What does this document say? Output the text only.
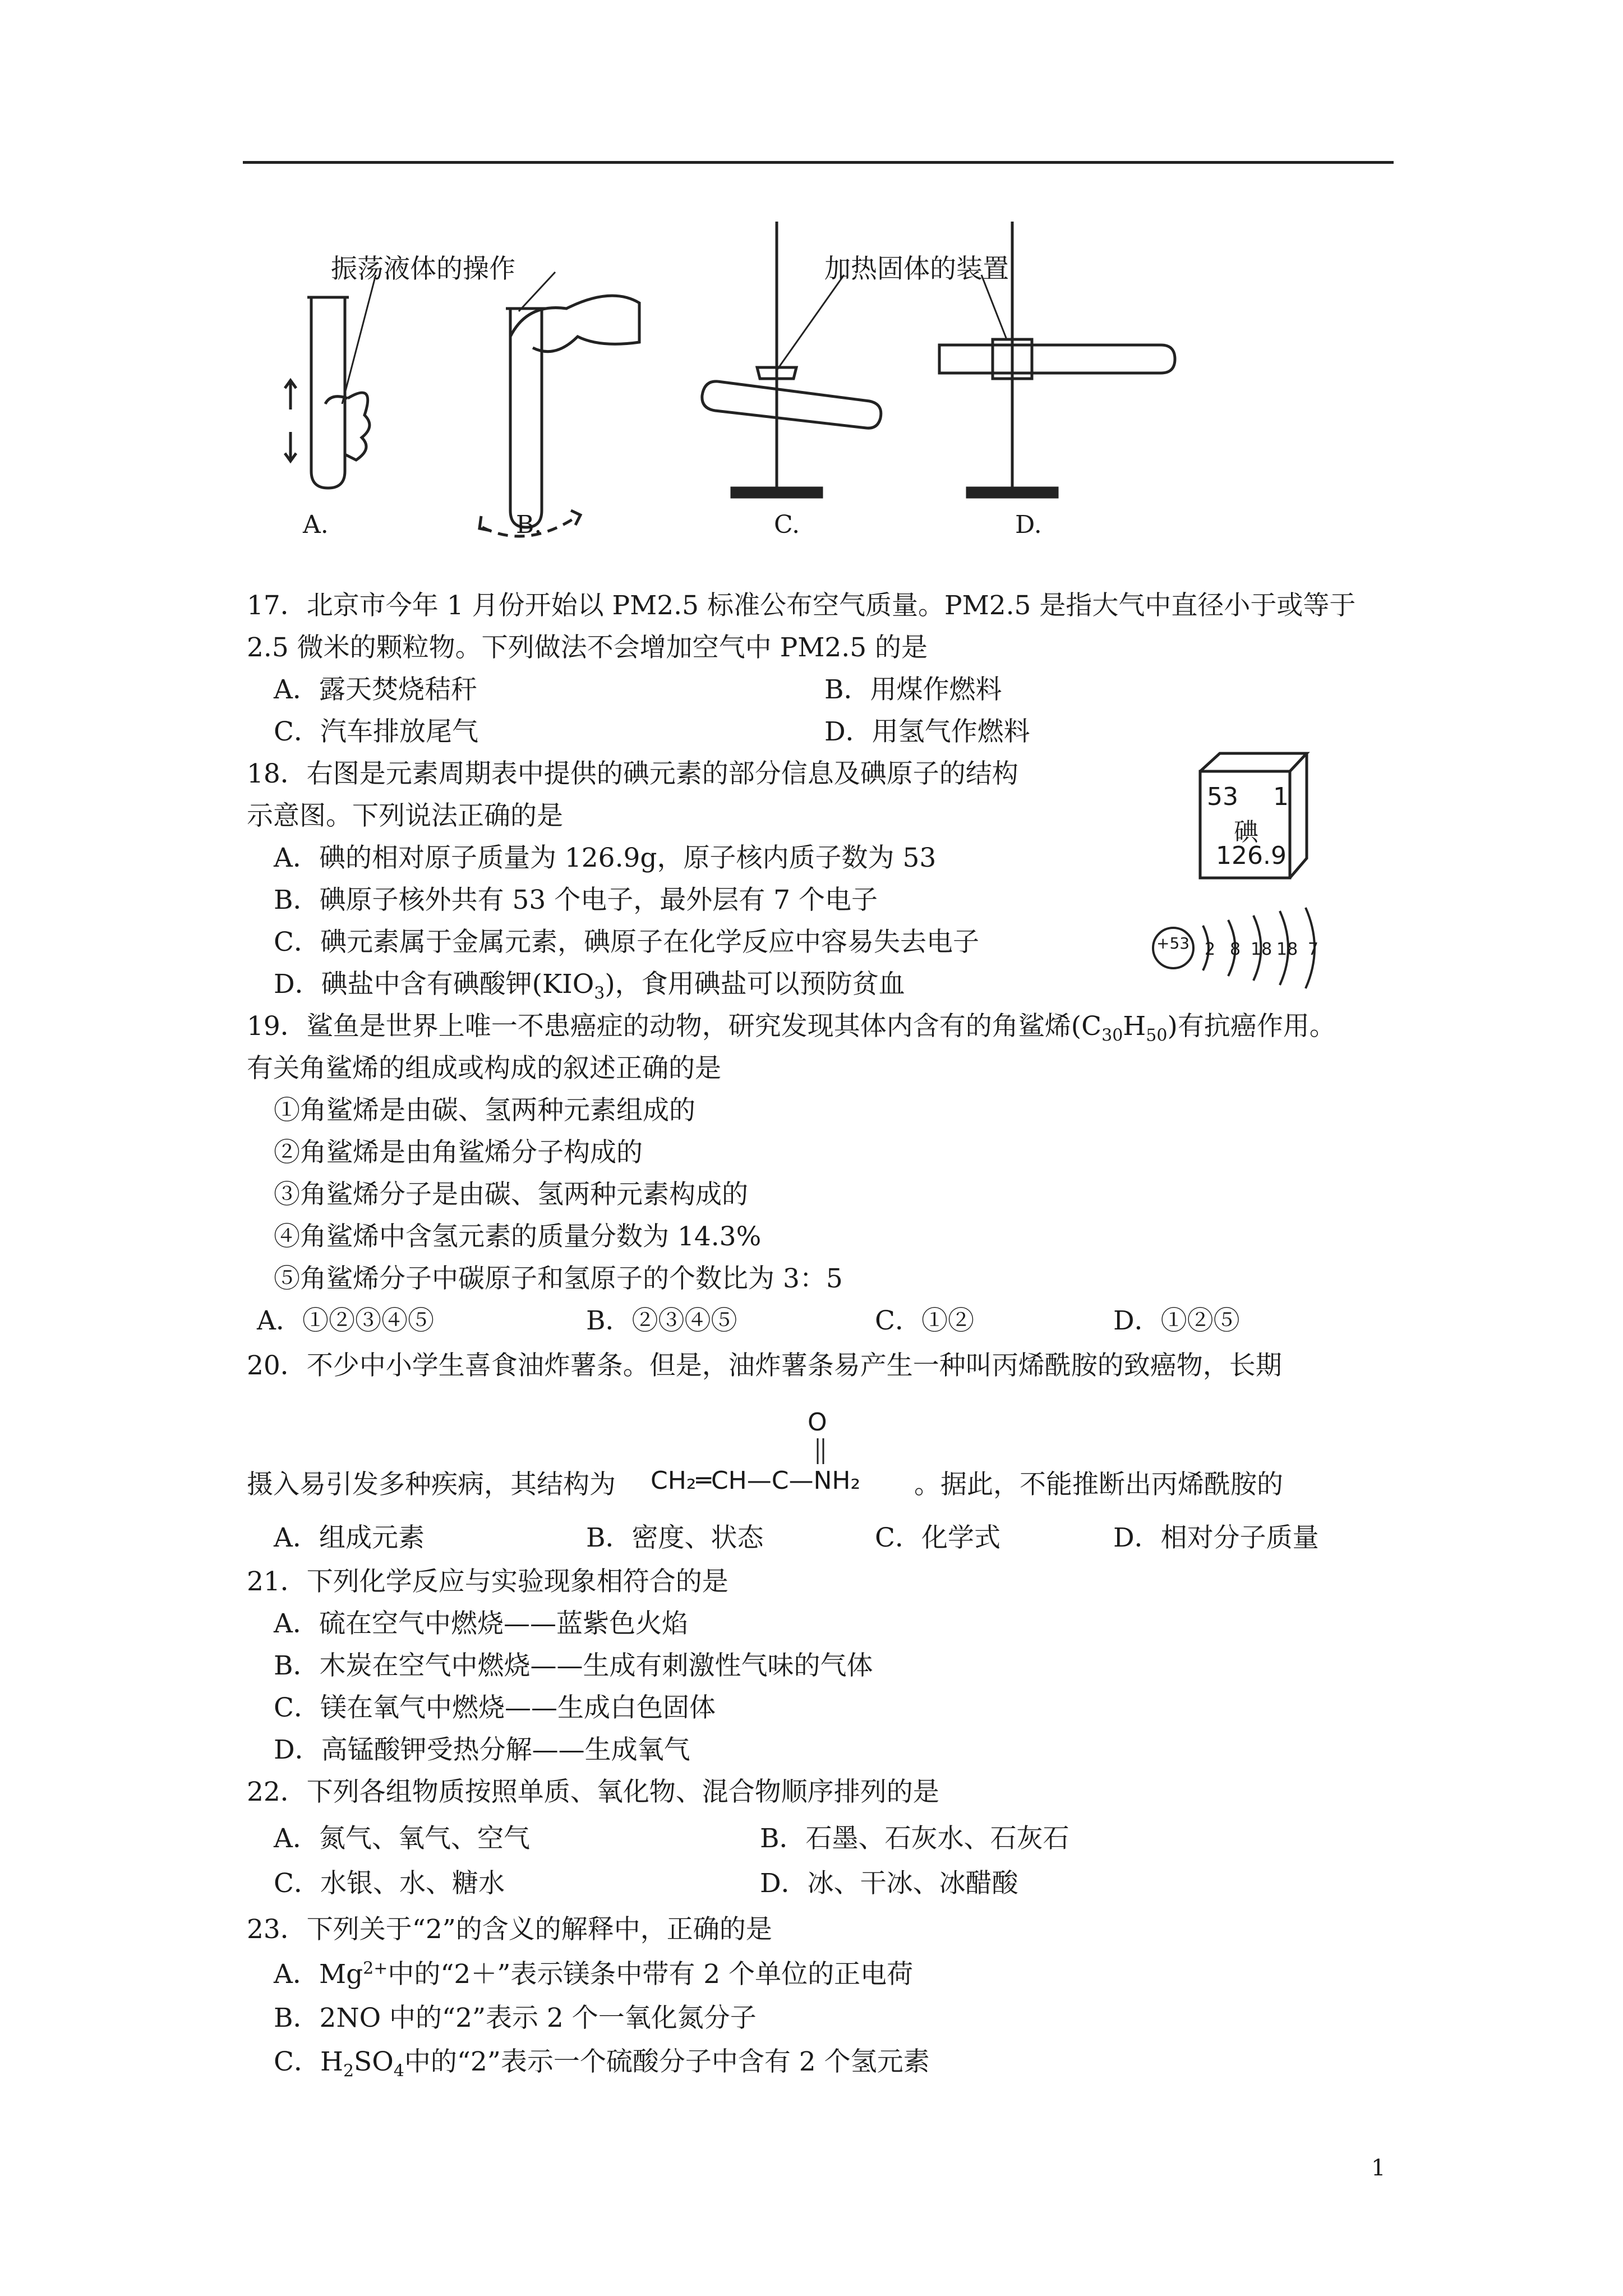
振荡液体的操作	加热固体的装置
A.	B.	C.	D.
17．北京市今年 1 月份开始以 PM2.5 标准公布空气质量。PM2.5 是指大气中直径小于或等于
2.5 微米的颗粒物。下列做法不会增加空气中 PM2.5 的是
A．露天焚烧秸秆	B．用煤作燃料
C．汽车排放尾气	D．用氢气作燃料
18．右图是元素周期表中提供的碘元素的部分信息及碘原子的结构
示意图。下列说法正确的是
A．碘的相对原子质量为 126.9g，原子核内质子数为 53
B．碘原子核外共有 53 个电子，最外层有 7 个电子
C．碘元素属于金属元素，碘原子在化学反应中容易失去电子
D．碘盐中含有碘酸钾$(KIO_3)$，食用碘盐可以预防贫血
53 1
碘
126.9
+53 2 8 18 18 7
19．鲨鱼是世界上唯一不患癌症的动物，研究发现其体内含有的角鲨烯$(C_{30}H_{50})$有抗癌作用。
有关角鲨烯的组成或构成的叙述正确的是
①角鲨烯是由碳、氢两种元素组成的
②角鲨烯是由角鲨烯分子构成的
③角鲨烯分子是由碳、氢两种元素构成的
④角鲨烯中含氢元素的质量分数为 14.3%
⑤角鲨烯分子中碳原子和氢原子的个数比为 3：5
A．①②③④⑤	B．②③④⑤	C．①②	D．①②⑤
20．不少中小学生喜食油炸薯条。但是，油炸薯条易产生一种叫丙烯酰胺的致癌物，长期
摄入易引发多种疾病，其结构为
O
CH₂═CH—C—NH₂ 。据此，不能推断出丙烯酰胺的
A．组成元素	B．密度、状态	C．化学式	D．相对分子质量
21．下列化学反应与实验现象相符合的是
A．硫在空气中燃烧——蓝紫色火焰
B．木炭在空气中燃烧——生成有刺激性气味的气体
C．镁在氧气中燃烧——生成白色固体
D．高锰酸钾受热分解——生成氧气
22．下列各组物质按照单质、氧化物、混合物顺序排列的是
A．氮气、氧气、空气	B．石墨、石灰水、石灰石
C．水银、水、糖水	D．冰、干冰、冰醋酸
23．下列关于“2”的含义的解释中，正确的是
A．$Mg^{2+}$中的“2＋”表示镁条中带有 2 个单位的正电荷
B．2NO 中的“2”表示 2 个一氧化氮分子
C．$H_2SO_4$中的“2”表示一个硫酸分子中含有 2 个氢元素
1
